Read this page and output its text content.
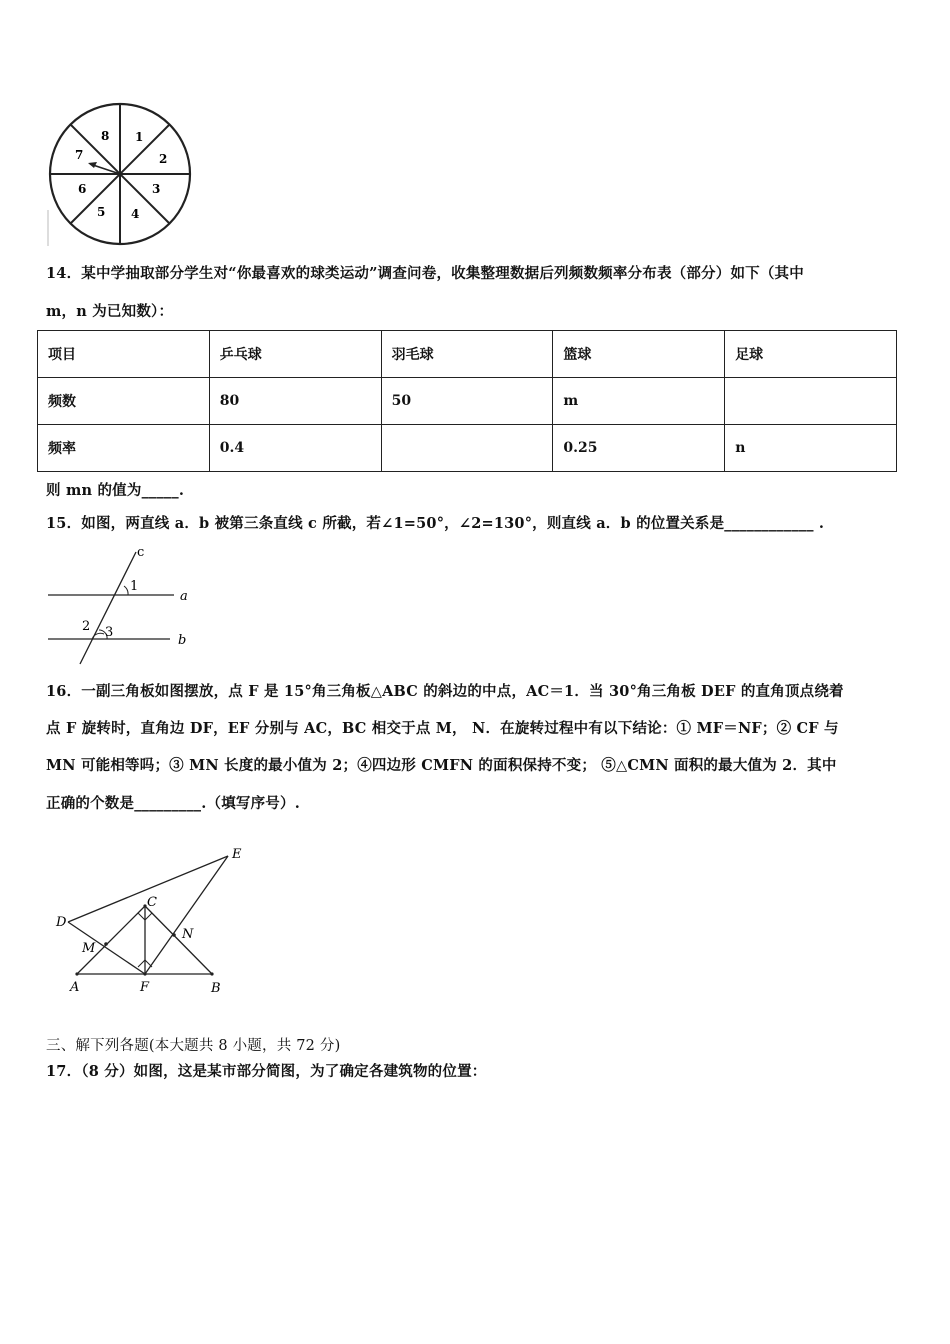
1
2
3
4
5
6
7
8
14．某中学抽取部分学生对“你最喜欢的球类运动”调查问卷，收集整理数据后列频数频率分布表（部分）如下（其中
m，n 为已知数）：
项目	乒乓球	羽毛球	篮球	足球
频数	80	50	m	
频率	0.4		0.25	n
则 mn 的值为_____.
15．如图，两直线 a．b 被第三条直线 c 所截，若∠1=50°，∠2=130°，则直线 a．b 的位置关系是____________ .
c
1
a
2 3
b
16．一副三角板如图摆放，点 F 是 15°角三角板△ABC 的斜边的中点，AC＝1．当 30°角三角板 DEF 的直角顶点绕着
点 F 旋转时，直角边 DF，EF 分别与 AC，BC 相交于点 M， N．在旋转过程中有以下结论：① MF＝NF；② CF 与
MN 可能相等吗；③ MN 长度的最小值为 2；④四边形 CMFN 的面积保持不变； ⑤△CMN 面积的最大值为 2．其中
正确的个数是_________.（填写序号）.
E
D
C
M
N
A	F	B
三、解下列各题(本大题共 8 小题，共 72 分)
17．（8 分）如图，这是某市部分简图，为了确定各建筑物的位置：
